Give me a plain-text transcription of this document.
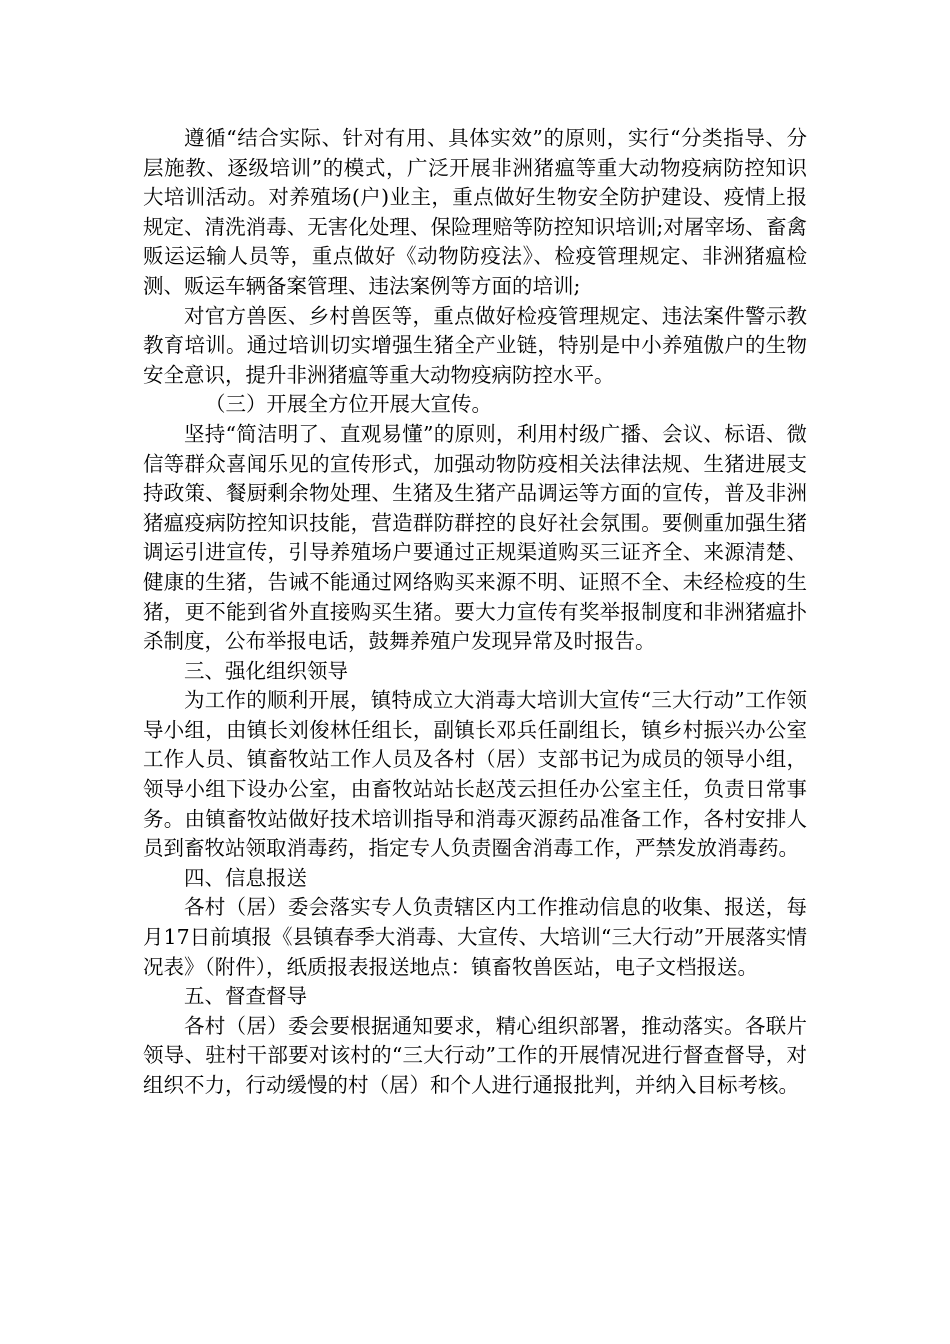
遵循“结合实际、针对有用、具体实效”的原则，实行“分类指导、分层施教、逐级培训”的模式，广泛开展非洲猪瘟等重大动物疫病防控知识大培训活动。对养殖场(户)业主，重点做好生物安全防护建设、疫情上报规定、清洗消毒、无害化处理、保险理赔等防控知识培训;对屠宰场、畜禽贩运运输人员等，重点做好《动物防疫法》、检疫管理规定、非洲猪瘟检测、贩运车辆备案管理、违法案例等方面的培训;

对官方兽医、乡村兽医等，重点做好检疫管理规定、违法案件警示教教育培训。通过培训切实增强生猪全产业链，特别是中小养殖傲户的生物安全意识，提升非洲猪瘟等重大动物疫病防控水平。

（三）开展全方位开展大宣传。

坚持“简洁明了、直观易懂”的原则，利用村级广播、会议、标语、微信等群众喜闻乐见的宣传形式，加强动物防疫相关法律法规、生猪进展支持政策、餐厨剩余物处理、生猪及生猪产品调运等方面的宣传，普及非洲猪瘟疫病防控知识技能，营造群防群控的良好社会氛围。要侧重加强生猪调运引进宣传，引导养殖场户要通过正规渠道购买三证齐全、来源清楚、健康的生猪，告诫不能通过网络购买来源不明、证照不全、未经检疫的生猪，更不能到省外直接购买生猪。要大力宣传有奖举报制度和非洲猪瘟扑杀制度，公布举报电话，鼓舞养殖户发现异常及时报告。

三、强化组织领导

为工作的顺利开展，镇特成立大消毒大培训大宣传“三大行动”工作领导小组，由镇长刘俊林任组长，副镇长邓兵任副组长，镇乡村振兴办公室工作人员、镇畜牧站工作人员及各村（居）支部书记为成员的领导小组，领导小组下设办公室，由畜牧站站长赵茂云担任办公室主任，负责日常事务。由镇畜牧站做好技术培训指导和消毒灭源药品准备工作，各村安排人员到畜牧站领取消毒药，指定专人负责圈舍消毒工作，严禁发放消毒药。

四、信息报送

各村（居）委会落实专人负责辖区内工作推动信息的收集、报送，每月17日前填报《县镇春季大消毒、大宣传、大培训“三大行动”开展落实情况表》（附件），纸质报表报送地点：镇畜牧兽医站，电子文档报送。

五、督查督导

各村（居）委会要根据通知要求，精心组织部署，推动落实。各联片领导、驻村干部要对该村的“三大行动”工作的开展情况进行督查督导，对组织不力，行动缓慢的村（居）和个人进行通报批判，并纳入目标考核。
